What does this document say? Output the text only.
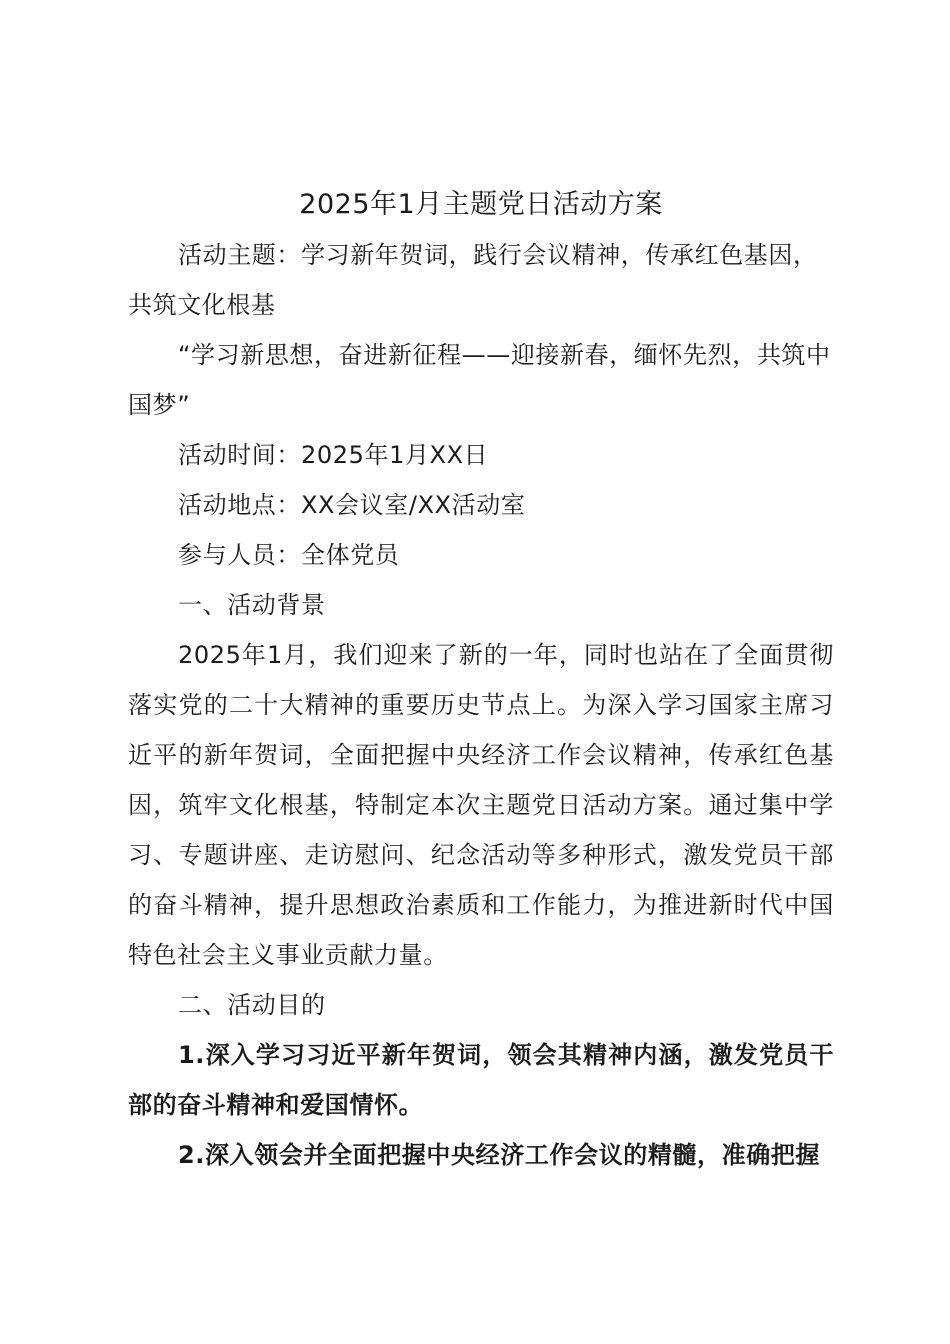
2025年1月主题党日活动方案

活动主题：学习新年贺词，践行会议精神，传承红色基因，共筑文化根基

“学习新思想，奋进新征程——迎接新春，缅怀先烈，共筑中国梦”

活动时间：2025年1月XX日

活动地点：XX会议室/XX活动室

参与人员：全体党员

一、活动背景

2025年1月，我们迎来了新的一年，同时也站在了全面贯彻落实党的二十大精神的重要历史节点上。为深入学习国家主席习近平的新年贺词，全面把握中央经济工作会议精神，传承红色基因，筑牢文化根基，特制定本次主题党日活动方案。通过集中学习、专题讲座、走访慰问、纪念活动等多种形式，激发党员干部的奋斗精神，提升思想政治素质和工作能力，为推进新时代中国特色社会主义事业贡献力量。

二、活动目的

1.深入学习习近平新年贺词，领会其精神内涵，激发党员干部的奋斗精神和爱国情怀。

2.深入领会并全面把握中央经济工作会议的精髓，准确把握
